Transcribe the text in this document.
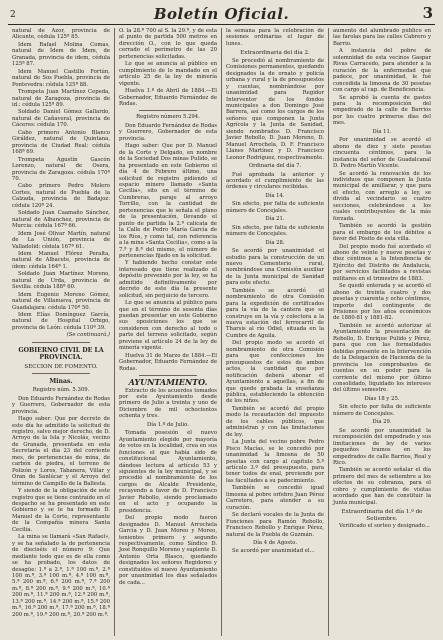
2	Boletín Oficial.	3

natural de Azor, provincia de Alicante, cédula 125ª 85.

Idem Rafael Molina Comas, natural de Ídem de Ídem, de Granada, provincia de idem, cédula 125ª 87.

Idem Manuel Castillo Fortún, natural de Sos Puebla, provincia de Pontevedra: cédula 125ª 88.

Trompeta Juan Martínez Cepeda, natural de Zaragoza, provincia de id.: cédula 125ª 89.

Soldado Daniel Gómez Gallardo, natural de Cañaveral, provincia de Cáceres: cédula 170.

Cabo primero Antonio Blanco Giráldez, natural de Quintana, provincia de Ciudad Real: cédula 168ª 69.

Trompeta Agustín Gascón Lorenzo, natural de Osera, provincia de Zaragoza: cédula 170ª 70.

Cabo primero Pedro Molero Cortes, natural de Puebla de la Calzada, provincia de Badajoz: cédula 120ª 24.

Soldado Juan Caamaño Sánchez, natural de Albanchez, provincia de Murcia: cédula 167ª 66.

Idem José Olivar Martín, natural de La Unión, provincia de Valladolid: cédula 167ª 61.

Idem Manuel Flórez Peralta, natural de Albacete, provincia de ídem: cédula 164ª 1.

Soldado Juan Martínez Moreno, natural de Urda, provincia de Sevilla: cédula 188ª 60.

Idem Eugenio Moreno Gómez, natural de Villanueva, provincia de Guadalajara: cédula 170ª 50.

Idem Elías Domínguez García, natural de Hospital Orbigo, provincia de León: cédula 110ª 39.

(Se continuará.)
GOBIERNO CIVIL DE LA PROVINCIA.
SECCION DE FOMENTO.
Minas.
Registro núm. 5.309.

Don Eduardo Fernández de Rodas y Guerrero, Gobernador de esta provincia.

Hago saber: Que por decreto de este día he admitido la solicitud de registro, salvo mejor derecho, de D. Arroyo de la Isla y Nicolás, vecino de Granada, presentada en esta Secretaría el día 23 del corriente mes, de pertenencias de mina, de carbón de piedra, el terreno de Polizón y Loros, Tabanera, Villar y Oran de Sanlúcar y el Arroyo del término de Campillo de la Ballesta.

Y siendo de la obligación de este registro que se tiene contraído en el despacho se ha presentado en este Gobierno y se le ha formado D. Manuel de la Corte, representante de la Compañía minera Santa Cecilia.

La mina se llamará «San Rafael», y se ha señalado la de pertenencia de dieciséis el número 9: Que mediante todo que es de ella como se ha probado, los datos de desagüe: 1.ª a 2.ª, 1.ª 100 m.ª, 2.ª 100 m.ª, 3.ª 100 m.ª, 4.ª 100 m.ª, 5.ª 200 m.ª, 6.ª 200 m.ª, 7.ª 200 m.ª, 8.ª 200 m.ª, 9.ª 200 m.ª, 10.ª 200 m.ª, 11.ª 200 m.ª, 12.ª 200 m.ª, 13.ª 200 m.ª, 14.ª 200 m.ª, 15.ª 200 m.ª, 16.ª 200 m.ª, 17.ª 200 m.ª, 18.ª 200 m.ª, 19.ª 200 m.ª, 20.ª 200 m.ª.

O. la 28.ª 700 al S. la 29.ª, y de esta al punto de partida 500 metros en dirección O., con lo que queda cerrado el perímetro de las 20 pertenencias solicitadas.

Lo que se anuncia al público en cumplimiento de lo mandado en el artículo 25 de la ley de minería vigente.

Huelva 1.º de Abril de 1884.—El Gobernador, Eduardo Fernández de Rodas.

Registro número 5.294.

Don Eduardo Fernández de Rodas y Guerrero, Gobernador de esta provincia.

Hago saber: Que por D. Manuel de la Corte y Delgado, en nombre de la Sociedad Dos minas Pulido, se ha presentado en este Gobierno el día 4 de Febrero último, una solicitud de registro pidiendo el espacio minero llamado «Santa Cecilia», sito en el término de Cumbreras, paraje al arroyo Torrillo, con la cantidad de pertenencias que le señala el plano de la presentación, llevando el punto de partida la 2.ª calicata de la Calle de Pedro María García de los Ríos, y como tal, con referencia a la mina «Santa Cecilia», como a la 7.ª y 8.ª del mismo, el número de pertenencias fijado en la solicitud.

Y habiendo hecho constar este interesado que tiene realizado el depósito prevenido por la ley, se ha admitido definitivamente por decreto de este día la presente solicitud, sin perjuicio de tercero.

Lo que se anuncia al público para que en el término de sesenta días puedan presentar en este Gobierno sus oposiciones los que se consideren con derecho al todo o parte del terreno solicitado, según previene el artículo 24 de la ley de minería vigente.

Huelva 31 de Marzo de 1884.—El Gobernador, Eduardo Fernández de Rodas.

AYUNTAMIENTO.

Extracto de los acuerdos tomados por este Ayuntamiento desde primero de Julio a treinta y uno de Diciembre de mil ochocientos ochenta y tres.

Día 1.º de Julio.

Tomada posesión el nuevo Ayuntamiento elegido por mayoría de votos en la localidad, crea en sus funciones el que había sido de constitucional Ayuntamiento, dándose lectura al artículo 53 y siguientes de la ley municipal, y se procedió al nombramiento de los cargos de Alcalde Presidente, recayendo a favor de D. Francisco Javier Rebollo, siendo proclamado en el acto y ocupando la presidencia.

Del propio modo fueron designados D. Manuel Arrochela García y D. Juan Moreo y Moreo, tenientes primero y segundo respectivamente, como Síndico D. José Ronquillo Moreno y suplente D. Antonio Orta Blasco, quedando designados los señores Regidores y constituidos el nuevo Ayuntamiento por unanimidad los días señalados de cada...

la semana para la celebración de sesiones ordinarias el lugar de lunes.

Extraordinaria del día 2.

Se procedió al nombramiento de Comisiones permanentes, quedando designados la de ornato y policía urbana y rural y la de presupuestos y cuentas, nombrándose por unanimidad para Regidor Interventor de los fondos municipales a don Domingo José Barrera, así como los cargos de los señores que componen la Junta Agrícola y la Junta de Sanidad, siendo nombrados D. Francisco Javier Rebollo, D. Juan Moreno, D. Manuel Arrochela, D. F. Francisco Llanes Martínez y D. Francisco Leonor Rodríguez, respectivamente.

Ordinaria del día 7.

Fué aprobada la anterior y acordado el cumplimiento de las órdenes y circulares recibidas.

Día 14.

Sin efecto, por falta de suficiente número de Concejales.

Día 21.

Sin efecto, por falta de suficiente número de Concejales.

Día 28.

Se acordó por unanimidad el estudio para la construcción de un nuevo Cementerio rural, nombrándose una Comisión auxiliar de la Junta municipal de Sanidad para este efecto.

También se acordó el nombramiento de otra Comisión para la expedición de certificados para la vía de la cantera que se construye en la vía y colectora a la nueva estación del ferrocarril de Tharsis al río Odiel, situada en la Cumbre de Aguila.

Del propio modo se acordó el nombramiento de otra Comisión para que confecciones los presupuestos de estos de ambos actos, la cantidad que por notificación deberá abonar el Ayuntamiento a aquellas, a fin de que quede grabada la enseñanza pública, estableciendo la obtención de los niños.

También se acordó del propio modo la recaudación del impuesto de los cables públicos, que administran y con las limitaciones de ley.

La Junta del vecino pobre Pedro Pisco Macías, se le concedió por unanimidad la limosna de 50 pesetas con cargo al capítulo 5.º artículo 3.º del presupuesto, para tener todos de enal, previendo por las facultades a su padecimiento.

También se concedió igual limosna al pobre orfebre Juan Pérez Carretero, para atender a su curación.

Se declaró vocales de la Junta de Funciones para Ramón Rebollo, Francisco Rebollo y Enrique Pérez, natural de la Puebla de Guzmán.

Día 4 de Agosto.

Se acordó por unanimidad el...

aumento del alumbrado público en las farolas para las calles Cabrero y Barrio.

A instancia del pobre de solemnidad de esta vecinos Gaspar Rivas Carracedo, para atender a la curación de la enfermedad que padece, por unanimidad, le fué concedida la limosna de 30 pesetas con cargo al cap. de Beneficencia.

Se aprobó la cuenta de gastos para la recomposición del empedrado de la calle de Barrios por los cuatro primeros días del mes.

Día 11.

Por unanimidad se acordó el abono de diez y siete pesetas cincuenta céntimos, para la instancia del señor de Guadalcanal D. Pedro Martín Vicente.

Se acordó la renovación de los individuos que componen la Junta municipal de amillarar, y que para el efecto, con arreglo a ley, se divida al vecindario se cuatro secciones, celebrándose a los cuales contribuyentes de la más forzada.

También se acordó la gestión para el embargo de los débitos a favor del Pósito de esta villa.

Del propio modo fué acordado el abono de veinte y nueve pesetas y diez céntimos a la Intendencia de Ejército del Distrito de Andalucía, por servicios facilitados a revistas militares en el trimestre de 1883.

Se quedó enterada y se acordó el abono de treinta cuatro y dos pesetas y cuarenta y ocho céntimos, importe del contingente de Prisiones por los años económicos de 1880-81 y 1881-82.

También se acordó autorizar al Ayuntamiento la presentación de Rebollo, D. Enrique Pulido y Pérez, para que con las formalidades debidas presente en la Intervención de la Delegación de Hacienda de la provincia los comprobantes de cuentas en su poder para la corriente del mismo por último consolidado, liquidado los intereses del último semestre.

Días 18 y 25.

Sin efecto por falta de suficiente número de Concejales.

Día 29.

Se acordó por unanimidad la recomposición del empedrado y sus limitaciones de ley de varios pequeños tramos en los empedrados de calle Barrios, Real y Rico.

También se acordó señalar el día primero del mes de setiembre a los efectos de su cobranza, para el cobro y cumplimiento de visitas acordado que han de constituir la Junta municipal.

Extraordinaria del día 1.º de Setiembre.

Verificado el sorteo y designado...
